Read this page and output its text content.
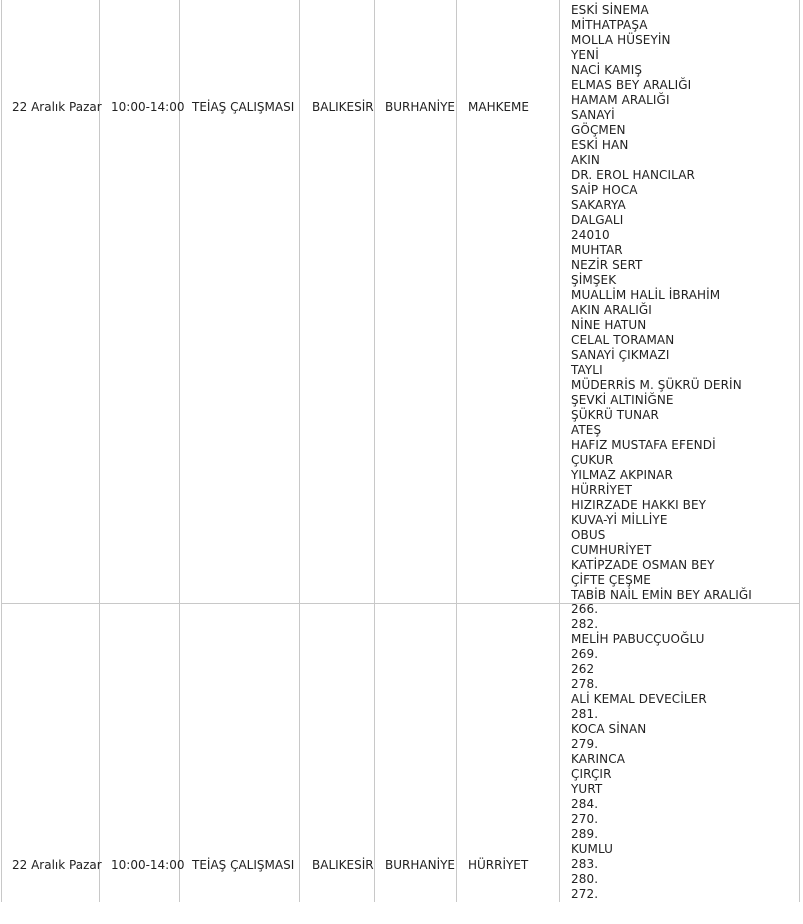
22 Aralık Pazar 10:00-14:00 TEİAŞ ÇALIŞMASI BALIKESİR BURHANİYE MAHKEME
ESKİ SİNEMA
MİTHATPAŞA
MOLLA HÜSEYİN
YENİ
NACİ KAMIŞ
ELMAS BEY ARALIĞI
HAMAM ARALIĞI
SANAYİ
GÖÇMEN
ESKİ HAN
AKIN
DR. EROL HANCILAR
SAİP HOCA
SAKARYA
DALGALI
24010
MUHTAR
NEZİR SERT
ŞİMŞEK
MUALLİM HALİL İBRAHİM
AKIN ARALIĞI
NİNE HATUN
CELAL TORAMAN
SANAYİ ÇIKMAZI
TAYLI
MÜDERRİS M. ŞÜKRÜ DERİN
ŞEVKİ ALTINİĞNE
ŞÜKRÜ TUNAR
ATEŞ
HAFIZ MUSTAFA EFENDİ
ÇUKUR
YILMAZ AKPINAR
HÜRRİYET
HIZIRZADE HAKKI BEY
KUVA-Yİ MİLLİYE
OBUS
CUMHURİYET
KATİPZADE OSMAN BEY
ÇİFTE ÇEŞME
TABİB NAİL EMİN BEY ARALIĞI
22 Aralık Pazar 10:00-14:00 TEİAŞ ÇALIŞMASI BALIKESİR BURHANİYE HÜRRİYET
266.
282.
MELİH PABUCÇUOĞLU
269.
262
278.
ALİ KEMAL DEVECİLER
281.
KOCA SİNAN
279.
KARINCA
ÇIRÇIR
YURT
284.
270.
289.
KUMLU
283.
280.
272.
